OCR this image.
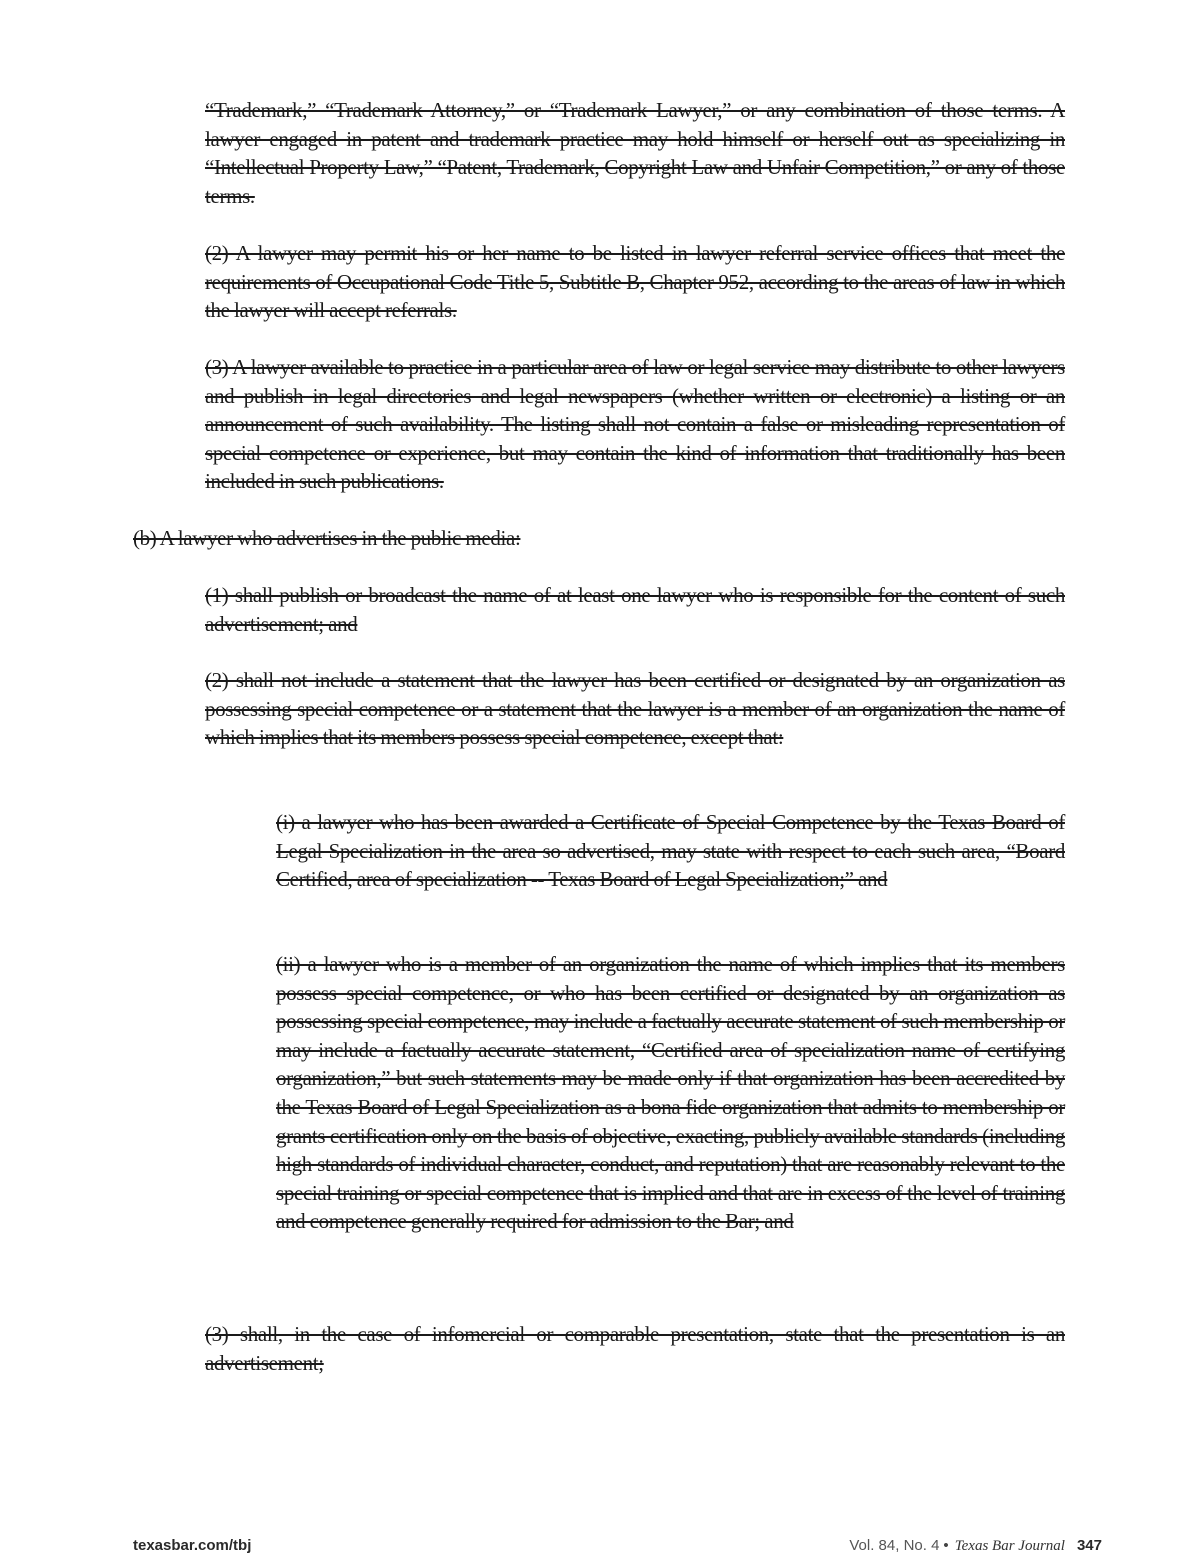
“Trademark,” “Trademark Attorney,” or “Trademark Lawyer,” or any combination of those terms. A lawyer engaged in patent and trademark practice may hold himself or herself out as specializing in “Intellectual Property Law,” “Patent, Trademark, Copyright Law and Unfair Competition,” or any of those terms.

(2) A lawyer may permit his or her name to be listed in lawyer referral service offices that meet the requirements of Occupational Code Title 5, Subtitle B, Chapter 952, according to the areas of law in which the lawyer will accept referrals.

(3) A lawyer available to practice in a particular area of law or legal service may distribute to other lawyers and publish in legal directories and legal newspapers (whether written or electronic) a listing or an announcement of such availability. The listing shall not contain a false or misleading representation of special competence or experience, but may contain the kind of information that traditionally has been included in such publications.

(b) A lawyer who advertises in the public media:

(1) shall publish or broadcast the name of at least one lawyer who is responsible for the content of such advertisement; and

(2) shall not include a statement that the lawyer has been certified or designated by an organization as possessing special competence or a statement that the lawyer is a member of an organization the name of which implies that its members possess special competence, except that:

(i) a lawyer who has been awarded a Certificate of Special Competence by the Texas Board of Legal Specialization in the area so advertised, may state with respect to each such area, “Board Certified, area of specialization -- Texas Board of Legal Specialization;” and

(ii) a lawyer who is a member of an organization the name of which implies that its members possess special competence, or who has been certified or designated by an organization as possessing special competence, may include a factually accurate statement of such membership or may include a factually accurate statement, “Certified area of specialization name of certifying organization,” but such statements may be made only if that organization has been accredited by the Texas Board of Legal Specialization as a bona fide organization that admits to membership or grants certification only on the basis of objective, exacting, publicly available standards (including high standards of individual character, conduct, and reputation) that are reasonably relevant to the special training or special competence that is implied and that are in excess of the level of training and competence generally required for admission to the Bar; and

(3) shall, in the case of infomercial or comparable presentation, state that the presentation is an advertisement;

texasbar.com/tbj	Vol. 84, No. 4 • Texas Bar Journal 347
